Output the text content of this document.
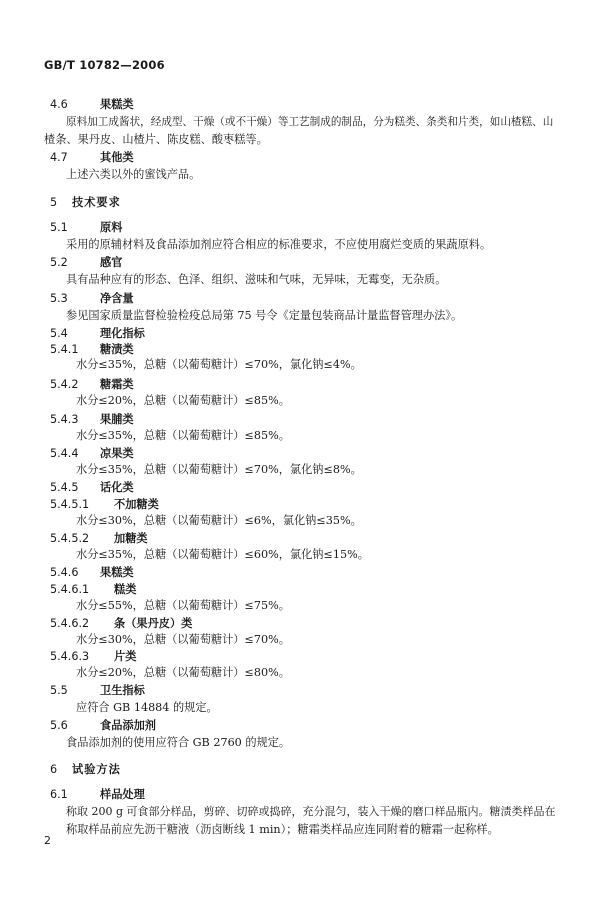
GB/T 10782—2006
4.6	果糕类
原料加工成酱状，经成型、干燥（或不干燥）等工艺制成的制品，分为糕类、条类和片类，如山楂糕、山
楂条、果丹皮、山楂片、陈皮糕、酸枣糕等。
4.7	其他类
上述六类以外的蜜饯产品。
5 技术要求
5.1	原料
采用的原辅材料及食品添加剂应符合相应的标准要求，不应使用腐烂变质的果蔬原料。
5.2	感官
具有品种应有的形态、色泽、组织、滋味和气味，无异味，无霉变，无杂质。
5.3	净含量
参见国家质量监督检验检疫总局第 75 号令《定量包装商品计量监督管理办法》。
5.4	理化指标
5.4.1 糖渍类
水分≤35%，总糖（以葡萄糖计）≤70%，氯化钠≤4%。
5.4.2 糖霜类
水分≤20%，总糖（以葡萄糖计）≤85%。
5.4.3 果脯类
水分≤35%，总糖（以葡萄糖计）≤85%。
5.4.4 凉果类
水分≤35%，总糖（以葡萄糖计）≤70%，氯化钠≤8%。
5.4.5 话化类
5.4.5.1 不加糖类
水分≤30%，总糖（以葡萄糖计）≤6%，氯化钠≤35%。
5.4.5.2 加糖类
水分≤35%，总糖（以葡萄糖计）≤60%，氯化钠≤15%。
5.4.6 果糕类
5.4.6.1 糕类
水分≤55%，总糖（以葡萄糖计）≤75%。
5.4.6.2 条（果丹皮）类
水分≤30%，总糖（以葡萄糖计）≤70%。
5.4.6.3 片类
水分≤20%，总糖（以葡萄糖计）≤80%。
5.5	卫生指标
应符合 GB 14884 的规定。
5.6	食品添加剂
食品添加剂的使用应符合 GB 2760 的规定。
6 试验方法
6.1	样品处理
称取 200 g 可食部分样品，剪碎、切碎或捣碎，充分混匀，装入干燥的磨口样品瓶内。糖渍类样品在
称取样品前应先沥干糖液（沥卤断线 1 min）；糖霜类样品应连同附着的糖霜一起称样。
2
